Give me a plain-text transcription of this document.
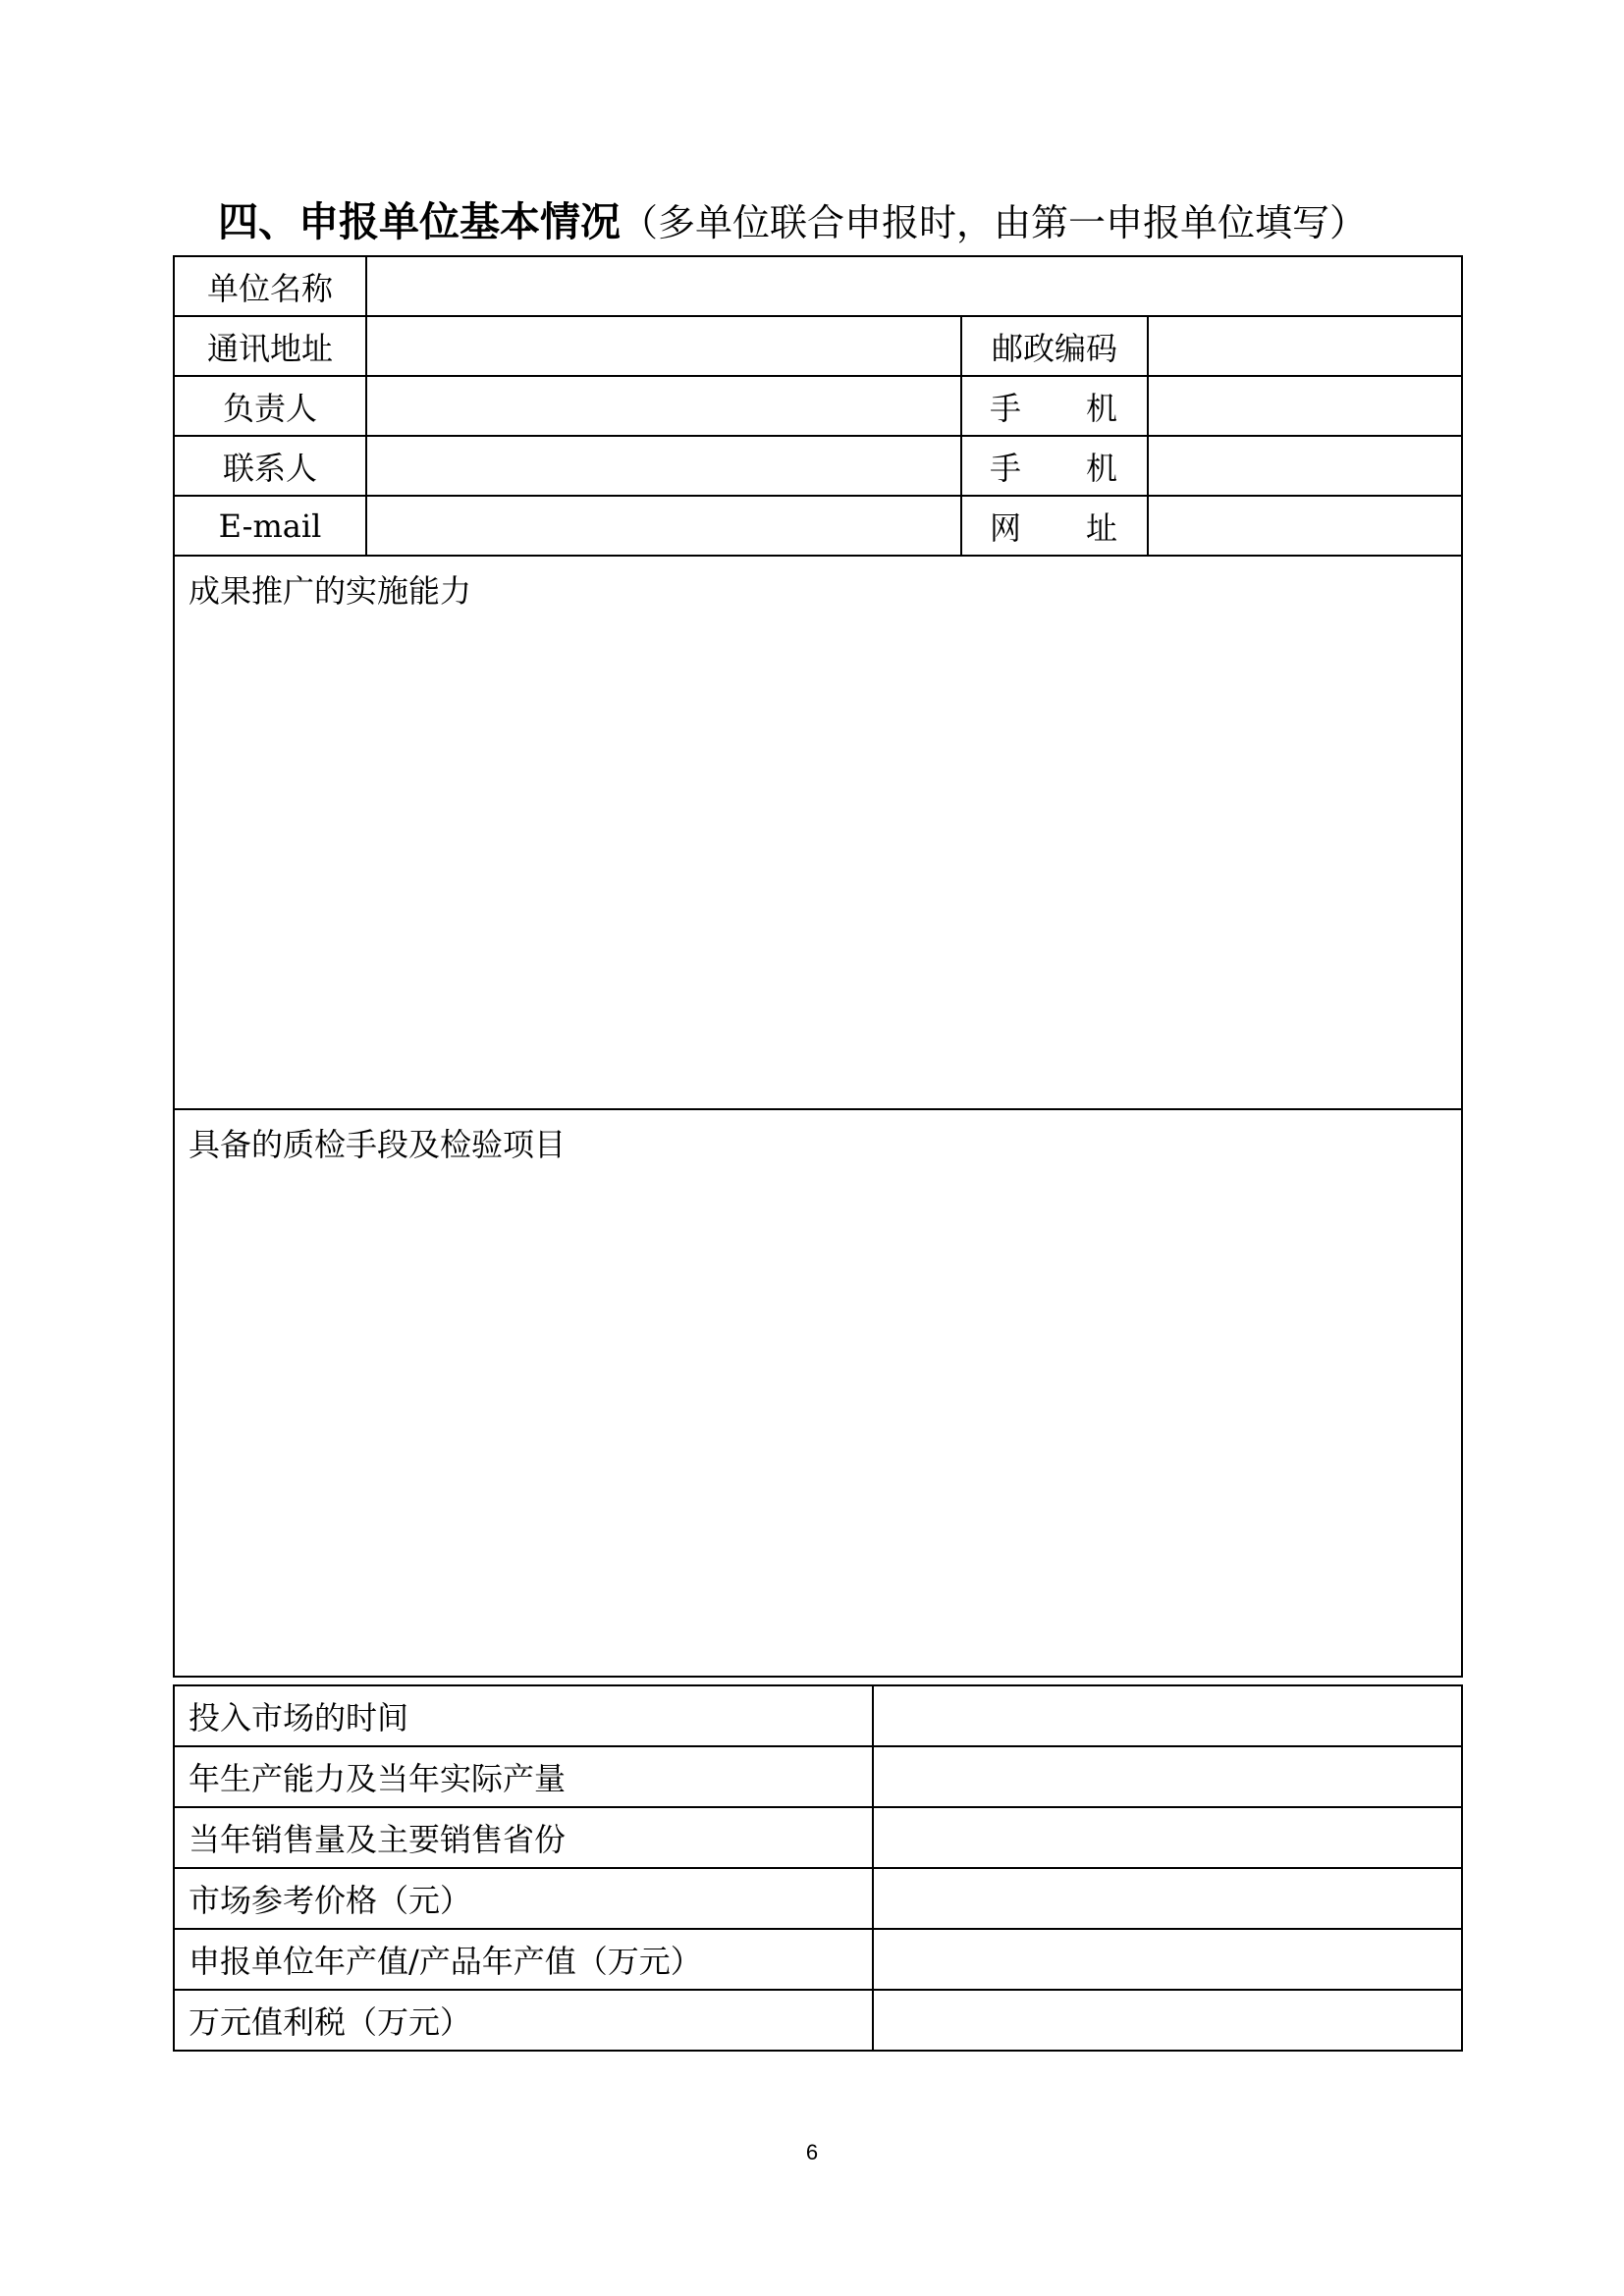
四、申报单位基本情况（多单位联合申报时，由第一申报单位填写）
单位名称			
通讯地址		邮政编码	
负责人		手机	
联系人		手机	
E-mail		网址	
成果推广的实施能力			
具备的质检手段及检验项目			
投入市场的时间	
年生产能力及当年实际产量	
当年销售量及主要销售省份	
市场参考价格（元）	
申报单位年产值/产品年产值（万元）	
万元值利税（万元）	
6
